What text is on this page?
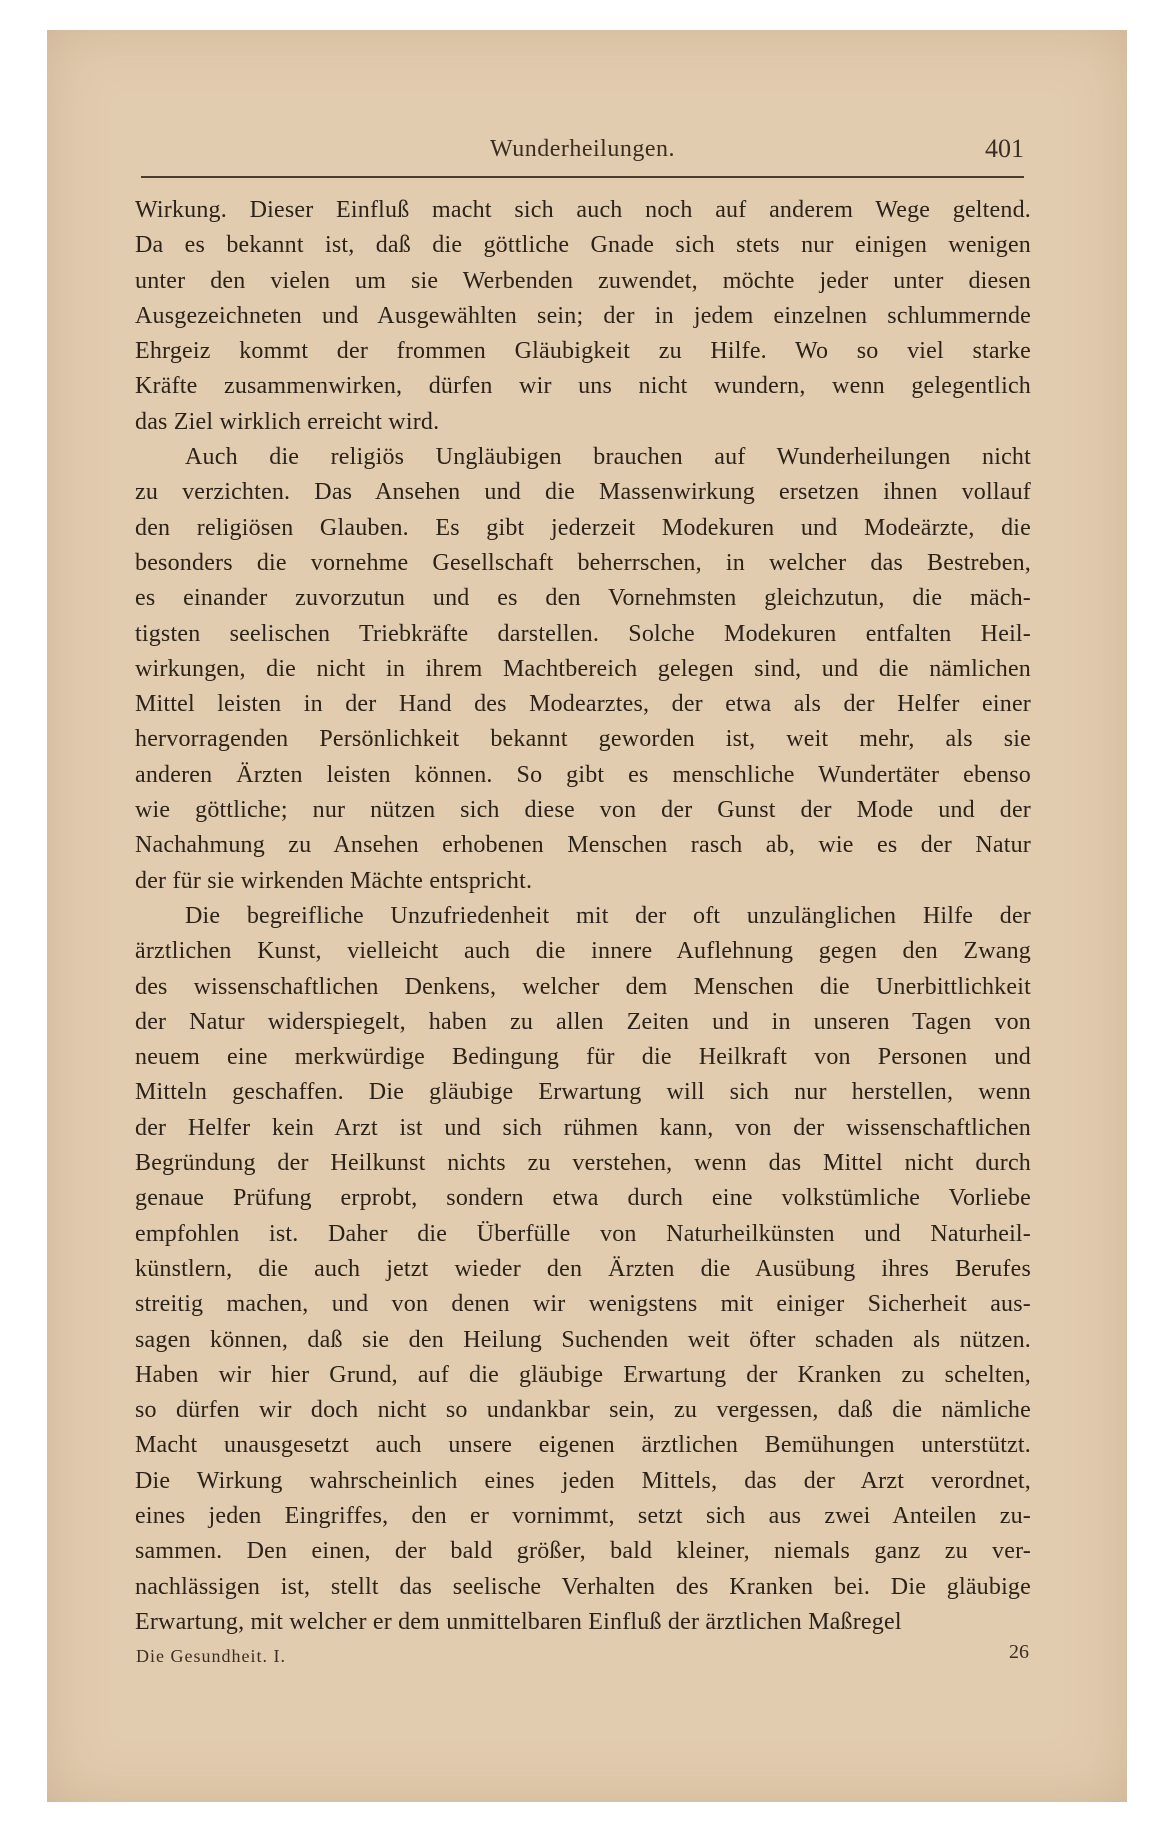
Wunderheilungen.	401
Wirkung. Dieser Einfluß macht sich auch noch auf anderem Wege geltend.
Da es bekannt ist, daß die göttliche Gnade sich stets nur einigen wenigen
unter den vielen um sie Werbenden zuwendet, möchte jeder unter diesen
Ausgezeichneten und Ausgewählten sein; der in jedem einzelnen schlummernde
Ehrgeiz kommt der frommen Gläubigkeit zu Hilfe. Wo so viel starke
Kräfte zusammenwirken, dürfen wir uns nicht wundern, wenn gelegentlich
das Ziel wirklich erreicht wird.
Auch die religiös Ungläubigen brauchen auf Wunderheilungen nicht
zu verzichten. Das Ansehen und die Massenwirkung ersetzen ihnen vollauf
den religiösen Glauben. Es gibt jederzeit Modekuren und Modeärzte, die
besonders die vornehme Gesellschaft beherrschen, in welcher das Bestreben,
es einander zuvorzutun und es den Vornehmsten gleichzutun, die mäch-
tigsten seelischen Triebkräfte darstellen. Solche Modekuren entfalten Heil-
wirkungen, die nicht in ihrem Machtbereich gelegen sind, und die nämlichen
Mittel leisten in der Hand des Modearztes, der etwa als der Helfer einer
hervorragenden Persönlichkeit bekannt geworden ist, weit mehr, als sie
anderen Ärzten leisten können. So gibt es menschliche Wundertäter ebenso
wie göttliche; nur nützen sich diese von der Gunst der Mode und der
Nachahmung zu Ansehen erhobenen Menschen rasch ab, wie es der Natur
der für sie wirkenden Mächte entspricht.
Die begreifliche Unzufriedenheit mit der oft unzulänglichen Hilfe der
ärztlichen Kunst, vielleicht auch die innere Auflehnung gegen den Zwang
des wissenschaftlichen Denkens, welcher dem Menschen die Unerbittlichkeit
der Natur widerspiegelt, haben zu allen Zeiten und in unseren Tagen von
neuem eine merkwürdige Bedingung für die Heilkraft von Personen und
Mitteln geschaffen. Die gläubige Erwartung will sich nur herstellen, wenn
der Helfer kein Arzt ist und sich rühmen kann, von der wissenschaftlichen
Begründung der Heilkunst nichts zu verstehen, wenn das Mittel nicht durch
genaue Prüfung erprobt, sondern etwa durch eine volkstümliche Vorliebe
empfohlen ist. Daher die Überfülle von Naturheilkünsten und Naturheil-
künstlern, die auch jetzt wieder den Ärzten die Ausübung ihres Berufes
streitig machen, und von denen wir wenigstens mit einiger Sicherheit aus-
sagen können, daß sie den Heilung Suchenden weit öfter schaden als nützen.
Haben wir hier Grund, auf die gläubige Erwartung der Kranken zu schelten,
so dürfen wir doch nicht so undankbar sein, zu vergessen, daß die nämliche
Macht unausgesetzt auch unsere eigenen ärztlichen Bemühungen unterstützt.
Die Wirkung wahrscheinlich eines jeden Mittels, das der Arzt verordnet,
eines jeden Eingriffes, den er vornimmt, setzt sich aus zwei Anteilen zu-
sammen. Den einen, der bald größer, bald kleiner, niemals ganz zu ver-
nachlässigen ist, stellt das seelische Verhalten des Kranken bei. Die gläubige
Erwartung, mit welcher er dem unmittelbaren Einfluß der ärztlichen Maßregel
Die Gesundheit. I.	26
